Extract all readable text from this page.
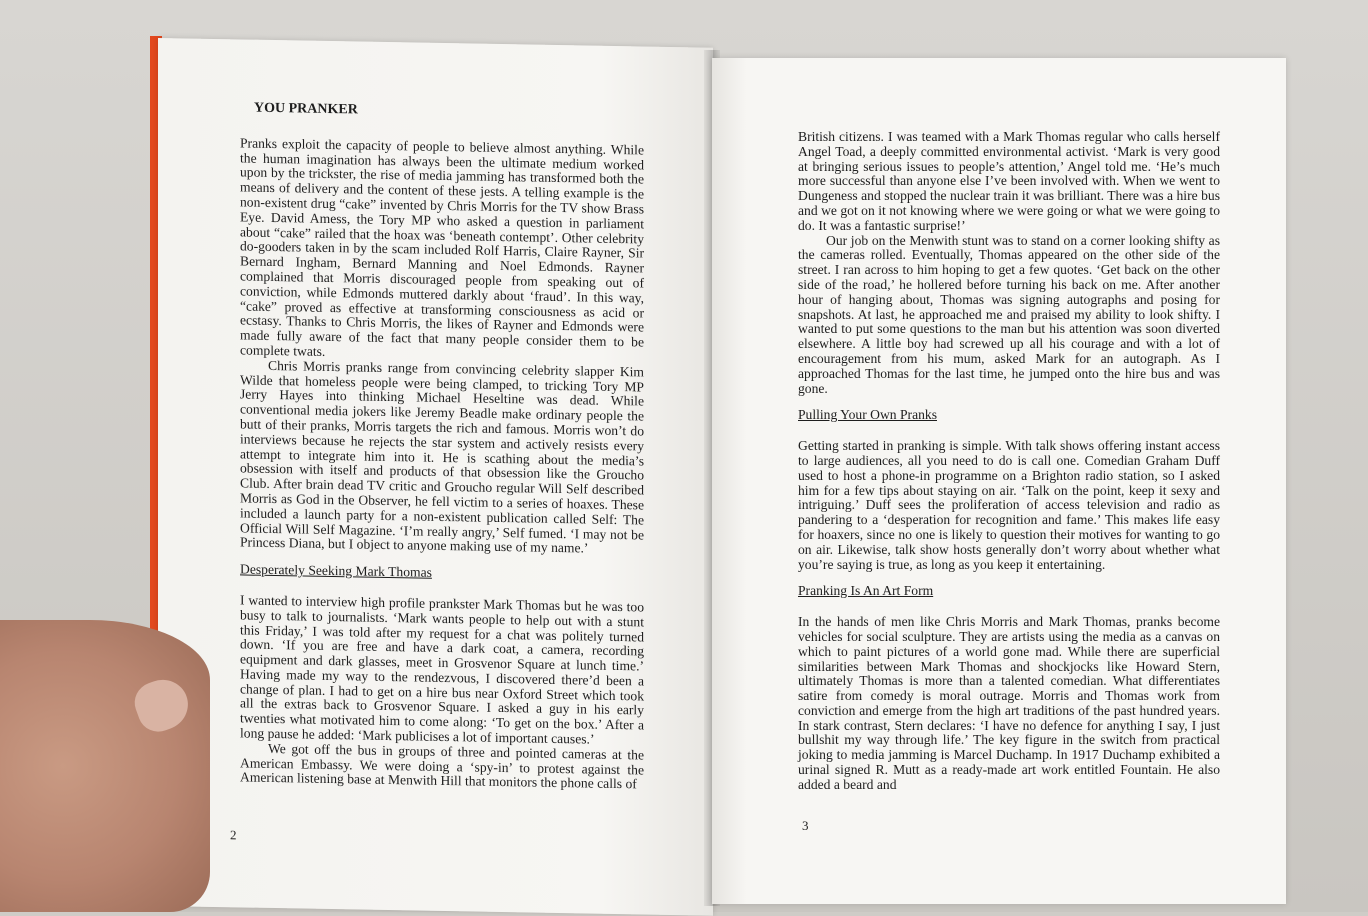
YOU PRANKER

Pranks exploit the capacity of people to believe almost anything. While the human imagination has always been the ultimate medium worked upon by the trickster, the rise of media jamming has transformed both the means of delivery and the content of these jests. A telling example is the non-existent drug “cake” invented by Chris Morris for the TV show Brass Eye. David Amess, the Tory MP who asked a question in parliament about “cake” railed that the hoax was ‘beneath contempt’. Other celebrity do-gooders taken in by the scam included Rolf Harris, Claire Rayner, Sir Bernard Ingham, Bernard Manning and Noel Edmonds. Rayner complained that Morris discouraged people from speaking out of conviction, while Edmonds muttered darkly about ‘fraud’. In this way, “cake” proved as effective at transforming consciousness as acid or ecstasy. Thanks to Chris Morris, the likes of Rayner and Edmonds were made fully aware of the fact that many people consider them to be complete twats.

Chris Morris pranks range from convincing celebrity slapper Kim Wilde that homeless people were being clamped, to tricking Tory MP Jerry Hayes into thinking Michael Heseltine was dead. While conventional media jokers like Jeremy Beadle make ordinary people the butt of their pranks, Morris targets the rich and famous. Morris won’t do interviews because he rejects the star system and actively resists every attempt to integrate him into it. He is scathing about the media’s obsession with itself and products of that obsession like the Groucho Club. After brain dead TV critic and Groucho regular Will Self described Morris as God in the Observer, he fell victim to a series of hoaxes. These included a launch party for a non-existent publication called Self: The Official Will Self Magazine. ‘I’m really angry,’ Self fumed. ‘I may not be Princess Diana, but I object to anyone making use of my name.’

Desperately Seeking Mark Thomas

I wanted to interview high profile prankster Mark Thomas but he was too busy to talk to journalists. ‘Mark wants people to help out with a stunt this Friday,’ I was told after my request for a chat was politely turned down. ‘If you are free and have a dark coat, a camera, recording equipment and dark glasses, meet in Grosvenor Square at lunch time.’ Having made my way to the rendezvous, I discovered there’d been a change of plan. I had to get on a hire bus near Oxford Street which took all the extras back to Grosvenor Square. I asked a guy in his early twenties what motivated him to come along: ‘To get on the box.’ After a long pause he added: ‘Mark publicises a lot of important causes.’

We got off the bus in groups of three and pointed cameras at the American Embassy. We were doing a ‘spy-in’ to protest against the American listening base at Menwith Hill that monitors the phone calls of

2

British citizens. I was teamed with a Mark Thomas regular who calls herself Angel Toad, a deeply committed environmental activist. ‘Mark is very good at bringing serious issues to people’s attention,’ Angel told me. ‘He’s much more successful than anyone else I’ve been involved with. When we went to Dungeness and stopped the nuclear train it was brilliant. There was a hire bus and we got on it not knowing where we were going or what we were going to do. It was a fantastic surprise!’

Our job on the Menwith stunt was to stand on a corner looking shifty as the cameras rolled. Eventually, Thomas appeared on the other side of the street. I ran across to him hoping to get a few quotes. ‘Get back on the other side of the road,’ he hollered before turning his back on me. After another hour of hanging about, Thomas was signing autographs and posing for snapshots. At last, he approached me and praised my ability to look shifty. I wanted to put some questions to the man but his attention was soon diverted elsewhere. A little boy had screwed up all his courage and with a lot of encouragement from his mum, asked Mark for an autograph. As I approached Thomas for the last time, he jumped onto the hire bus and was gone.

Pulling Your Own Pranks

Getting started in pranking is simple. With talk shows offering instant access to large audiences, all you need to do is call one. Comedian Graham Duff used to host a phone-in programme on a Brighton radio station, so I asked him for a few tips about staying on air. ‘Talk on the point, keep it sexy and intriguing.’ Duff sees the proliferation of access television and radio as pandering to a ‘desperation for recognition and fame.’ This makes life easy for hoaxers, since no one is likely to question their motives for wanting to go on air. Likewise, talk show hosts generally don’t worry about whether what you’re saying is true, as long as you keep it entertaining.

Pranking Is An Art Form

In the hands of men like Chris Morris and Mark Thomas, pranks become vehicles for social sculpture. They are artists using the media as a canvas on which to paint pictures of a world gone mad. While there are superficial similarities between Mark Thomas and shockjocks like Howard Stern, ultimately Thomas is more than a talented comedian. What differentiates satire from comedy is moral outrage. Morris and Thomas work from conviction and emerge from the high art traditions of the past hundred years. In stark contrast, Stern declares: ‘I have no defence for anything I say, I just bullshit my way through life.’ The key figure in the switch from practical joking to media jamming is Marcel Duchamp. In 1917 Duchamp exhibited a urinal signed R. Mutt as a ready-made art work entitled Fountain. He also added a beard and

3
